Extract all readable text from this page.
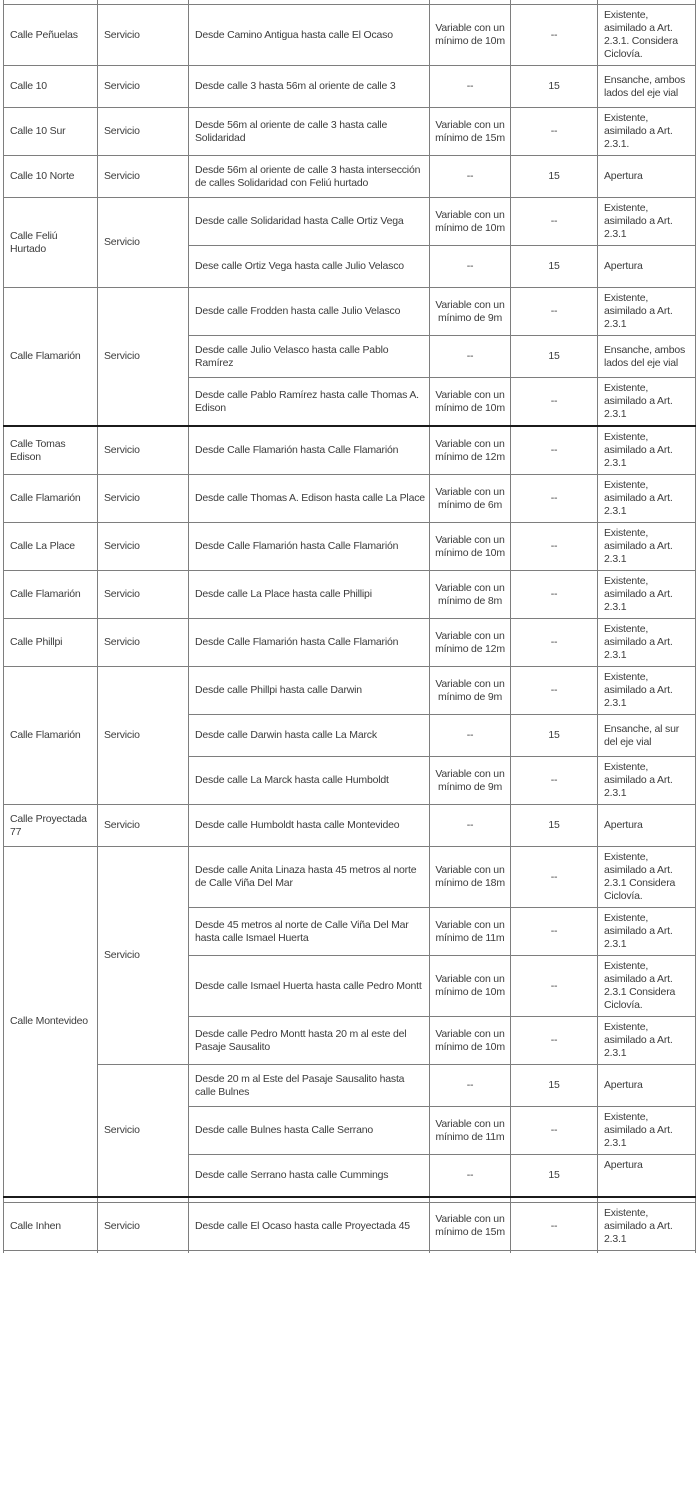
Calle Peñuelas	Servicio	Desde Camino Antigua hasta calle El Ocaso	Variable con un mínimo de 10m	--	Existente, asimilado a Art. 2.3.1. Considera Ciclovía.
Calle 10	Servicio	Desde calle 3 hasta 56m al oriente de calle 3	--	15	Ensanche, ambos lados del eje vial
Calle 10 Sur	Servicio	Desde 56m al oriente de calle 3 hasta calle Solidaridad	Variable con un mínimo de 15m	--	Existente, asimilado a Art. 2.3.1.
Calle 10 Norte	Servicio	Desde 56m al oriente de calle 3 hasta intersección de calles Solidaridad con Feliú hurtado	--	15	Apertura
Calle Feliú Hurtado	Servicio	Desde calle Solidaridad hasta Calle Ortiz Vega	Variable con un mínimo de 10m	--	Existente, asimilado a Art. 2.3.1
		Dese calle Ortiz Vega hasta calle Julio Velasco	--	15	Apertura
Calle Flamarión	Servicio	Desde calle Frodden hasta calle Julio Velasco	Variable con un mínimo de 9m	--	Existente, asimilado a Art. 2.3.1
		Desde calle Julio Velasco hasta calle Pablo Ramírez	--	15	Ensanche, ambos lados del eje vial
		Desde calle Pablo Ramírez hasta calle Thomas A. Edison	Variable con un mínimo de 10m	--	Existente, asimilado a Art. 2.3.1
Calle Tomas Edison	Servicio	Desde Calle Flamarión hasta Calle Flamarión	Variable con un mínimo de 12m	--	Existente, asimilado a Art. 2.3.1
Calle Flamarión	Servicio	Desde calle Thomas A. Edison hasta calle La Place	Variable con un mínimo de 6m	--	Existente, asimilado a Art. 2.3.1
Calle La Place	Servicio	Desde Calle Flamarión hasta Calle Flamarión	Variable con un mínimo de 10m	--	Existente, asimilado a Art. 2.3.1
Calle Flamarión	Servicio	Desde calle La Place hasta calle Phillipi	Variable con un mínimo de 8m	--	Existente, asimilado a Art. 2.3.1
Calle Phillpi	Servicio	Desde Calle Flamarión hasta Calle Flamarión	Variable con un mínimo de 12m	--	Existente, asimilado a Art. 2.3.1
Calle Flamarión	Servicio	Desde calle Phillpi hasta calle Darwin	Variable con un mínimo de 9m	--	Existente, asimilado a Art. 2.3.1
		Desde calle Darwin hasta calle La Marck	--	15	Ensanche, al sur del eje vial
		Desde calle La Marck hasta calle Humboldt	Variable con un mínimo de 9m	--	Existente, asimilado a Art. 2.3.1
Calle Proyectada 77	Servicio	Desde calle Humboldt hasta calle Montevideo	--	15	Apertura
Calle Montevideo	Servicio	Desde calle Anita Linaza hasta 45 metros al norte de Calle Viña Del Mar	Variable con un mínimo de 18m	--	Existente, asimilado a Art. 2.3.1 Considera Ciclovía.
		Desde 45 metros al norte de Calle Viña Del Mar hasta calle Ismael Huerta	Variable con un mínimo de 11m	--	Existente, asimilado a Art. 2.3.1
		Desde calle Ismael Huerta hasta calle Pedro Montt	Variable con un mínimo de 10m	--	Existente, asimilado a Art. 2.3.1 Considera Ciclovía.
		Desde calle Pedro Montt hasta 20 m al este del Pasaje Sausalito	Variable con un mínimo de 10m	--	Existente, asimilado a Art. 2.3.1
	Servicio	Desde 20 m al Este del Pasaje Sausalito hasta calle Bulnes	--	15	Apertura
		Desde calle Bulnes hasta Calle Serrano	Variable con un mínimo de 11m	--	Existente, asimilado a Art. 2.3.1
		Desde calle Serrano hasta calle Cummings	--	15	Apertura

Calle Inhen	Servicio	Desde calle El Ocaso hasta calle Proyectada 45	Variable con un mínimo de 15m	--	Existente, asimilado a Art. 2.3.1
